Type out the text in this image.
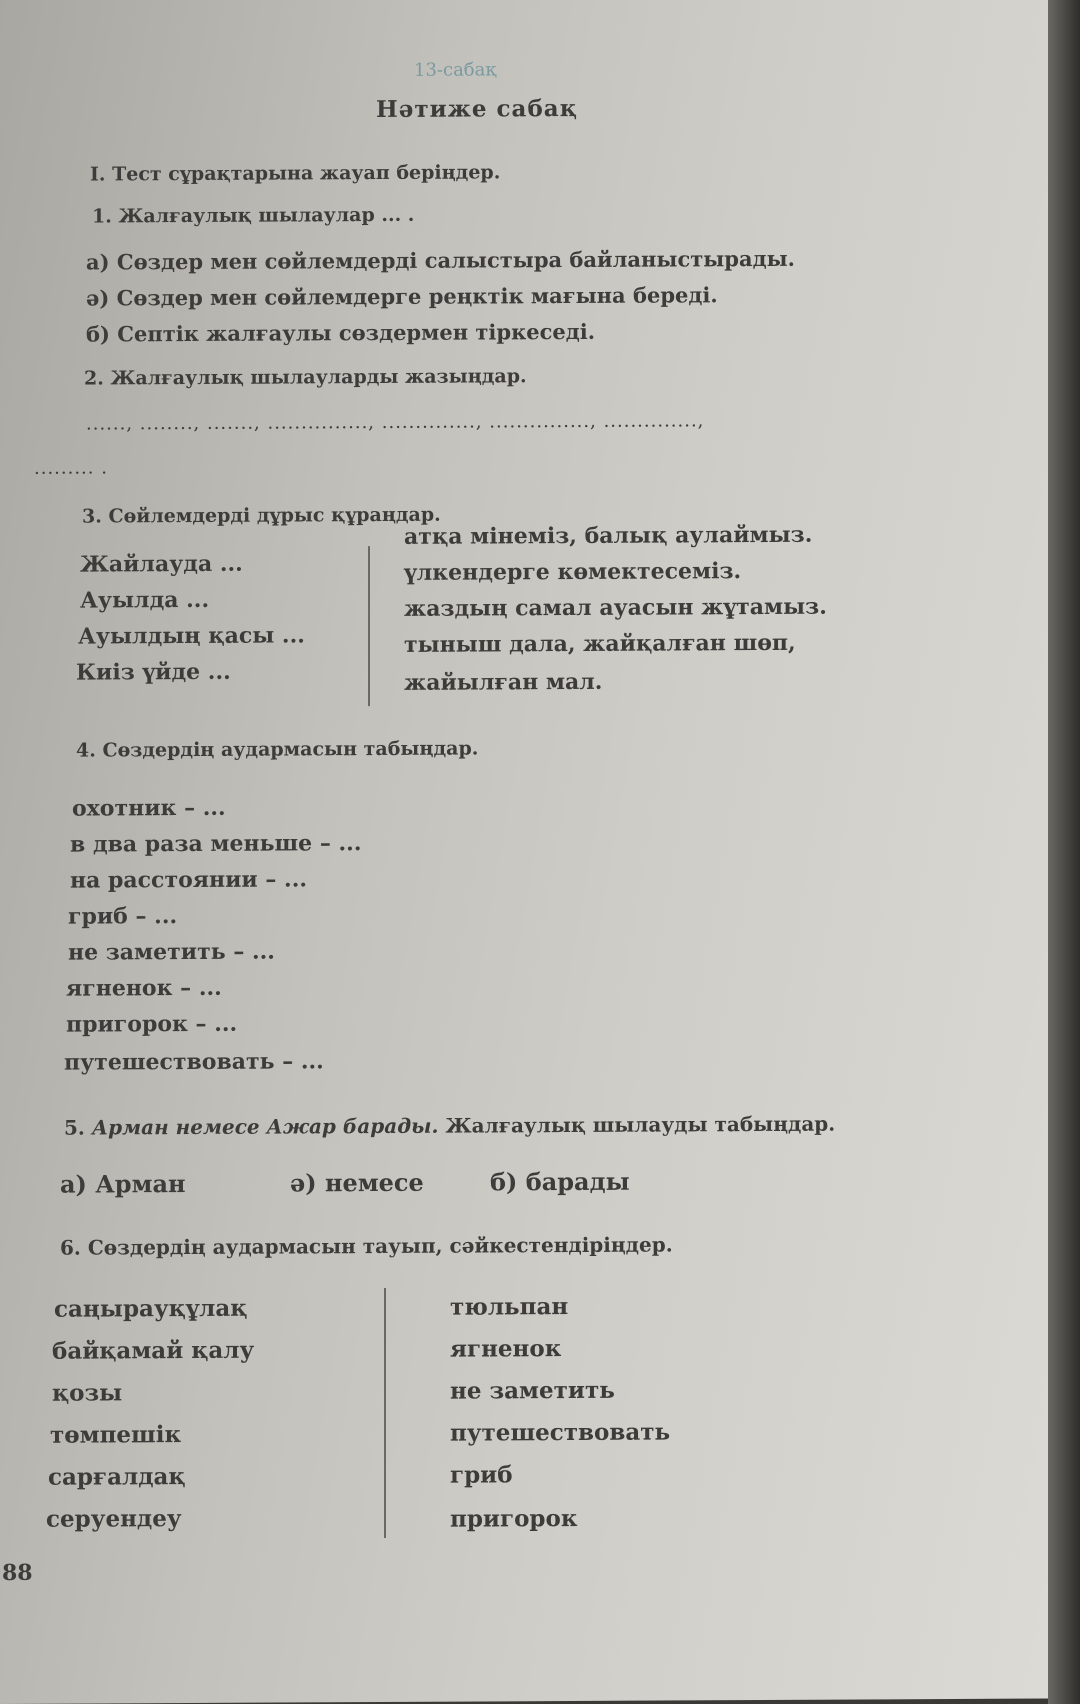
13-сабақ
Нәтиже сабақ
I. Тест сұрақтарына жауап беріңдер.
1. Жалғаулық шылаулар ... .
а) Сөздер мен сөйлемдерді салыстыра байланыстырады.
ә) Сөздер мен сөйлемдерге реңктік мағына береді.
б) Септік жалғаулы сөздермен тіркеседі.
2. Жалғаулық шылауларды жазыңдар.
......, ........, ......., ..............., .............., ..............., ..............,
......... .
3. Сөйлемдерді дұрыс құраңдар.
Жайлауда ...
Ауылда ...
Ауылдың қасы ...
Киіз үйде ...
атқа мінеміз, балық аулаймыз.
үлкендерге көмектесеміз.
жаздың самал ауасын жұтамыз.
тыныш дала, жайқалған шөп,
жайылған мал.
4. Сөздердің аудармасын табыңдар.
охотник – ...
в два раза меньше – ...
на расстоянии – ...
гриб – ...
не заметить – ...
ягненок – ...
пригорок – ...
путешествовать – ...
5. Арман немесе Ажар барады. Жалғаулық шылауды табыңдар.
а) Арман	ә) немесе	б) барады
6. Сөздердің аудармасын тауып, сәйкестендіріңдер.
саңырауқұлақ
байқамай қалу
қозы
төмпешік
сарғалдақ
серуендеу
тюльпан
ягненок
не заметить
путешествовать
гриб
пригорок
88
